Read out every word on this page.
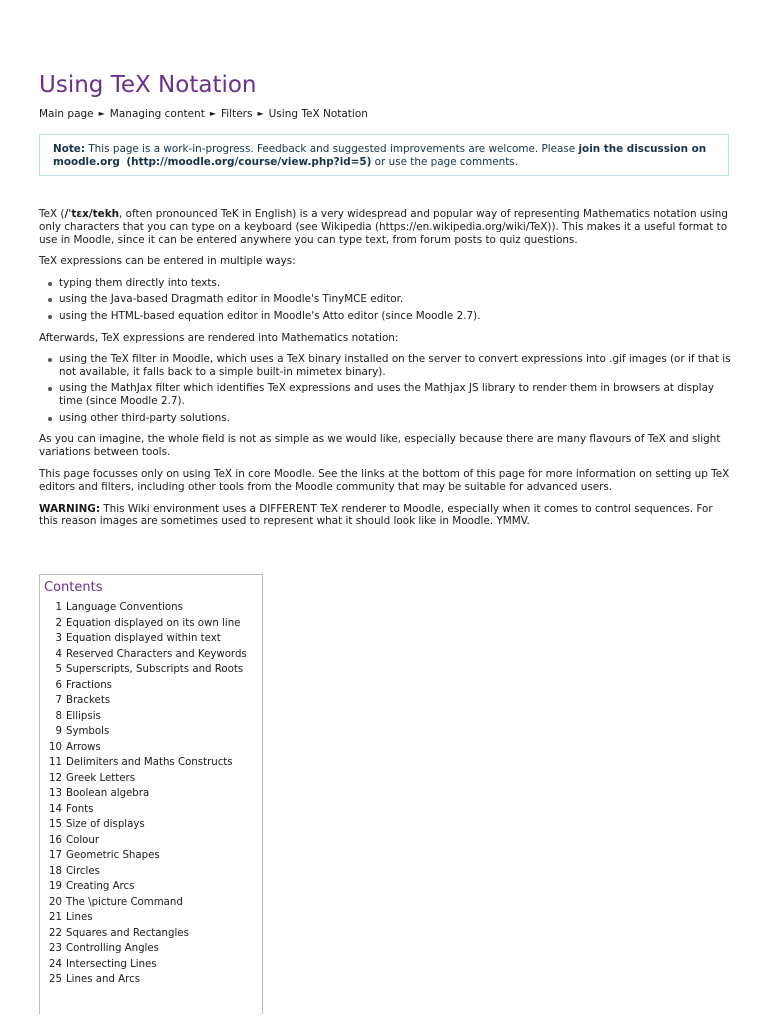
Using TeX Notation
Main page ► Managing content ► Filters ► Using TeX Notation
Note: This page is a work-in-progress. Feedback and suggested improvements are welcome. Please join the discussion on moodle.org (http://moodle.org/course/view.php?id=5) or use the page comments.

TeX (/ˈtɛx/tekh, often pronounced TeK in English) is a very widespread and popular way of representing Mathematics notation using only characters that you can type on a keyboard (see Wikipedia (https://en.wikipedia.org/wiki/TeX)). This makes it a useful format to use in Moodle, since it can be entered anywhere you can type text, from forum posts to quiz questions.

TeX expressions can be entered in multiple ways:

typing them directly into texts.
using the Java-based Dragmath editor in Moodle's TinyMCE editor.
using the HTML-based equation editor in Moodle's Atto editor (since Moodle 2.7).

Afterwards, TeX expressions are rendered into Mathematics notation:

using the TeX filter in Moodle, which uses a TeX binary installed on the server to convert expressions into .gif images (or if that is not available, it falls back to a simple built-in mimetex binary).
using the MathJax filter which identifies TeX expressions and uses the Mathjax JS library to render them in browsers at display time (since Moodle 2.7).
using other third-party solutions.

As you can imagine, the whole field is not as simple as we would like, especially because there are many flavours of TeX and slight variations between tools.

This page focusses only on using TeX in core Moodle. See the links at the bottom of this page for more information on setting up TeX editors and filters, including other tools from the Moodle community that may be suitable for advanced users.

WARNING: This Wiki environment uses a DIFFERENT TeX renderer to Moodle, especially when it comes to control sequences. For this reason images are sometimes used to represent what it should look like in Moodle. YMMV.

Contents
1 Language Conventions
2 Equation displayed on its own line
3 Equation displayed within text
4 Reserved Characters and Keywords
5 Superscripts, Subscripts and Roots
6 Fractions
7 Brackets
8 Ellipsis
9 Symbols
10 Arrows
11 Delimiters and Maths Constructs
12 Greek Letters
13 Boolean algebra
14 Fonts
15 Size of displays
16 Colour
17 Geometric Shapes
18 Circles
19 Creating Arcs
20 The \picture Command
21 Lines
22 Squares and Rectangles
23 Controlling Angles
24 Intersecting Lines
25 Lines and Arcs
